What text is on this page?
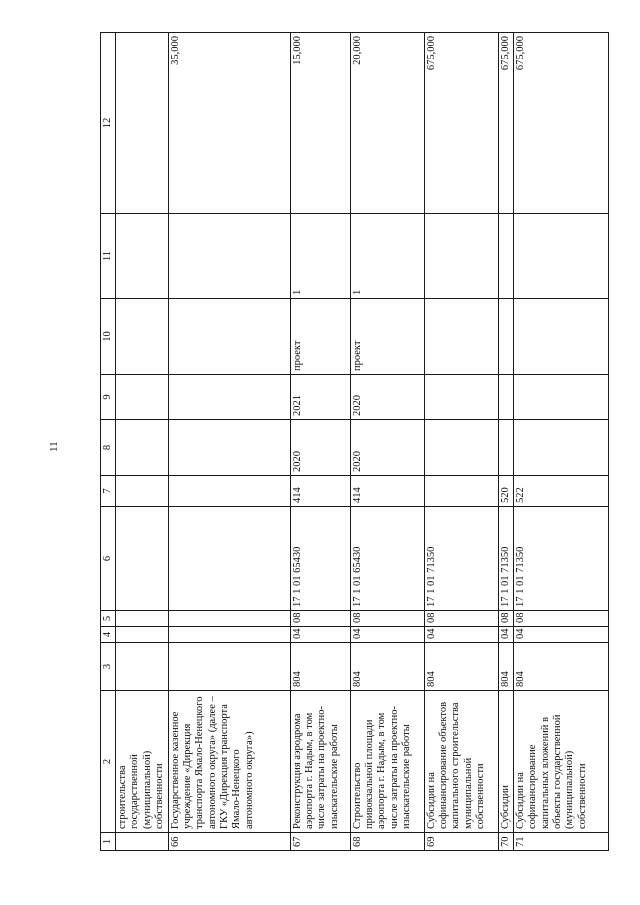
11
1	2	3	4	5	6	7	8	9	10	11	12
	строительства государственной (муниципальной) собственности										
66	Государственное казенное учреждение «Дирекция транспорта Ямало-Ненецкого автономного округа» (далее – ГКУ «Дирекция транспорта Ямало-Ненецкого автономного округа»)										35,000
67	Реконструкция аэродрома аэропорта г. Надым, в том числе затраты на проектно-изыскательские работы	804	04	08	17 1 01 65430	414	2020	2021	проект	1	15,000
68	Строительство привокзальной площади аэропорта г. Надым, в том числе затраты на проектно-изыскательские работы	804	04	08	17 1 01 65430	414	2020	2020	проект	1	20,000
69	Субсидии на софинансирование объектов капитального строительства муниципальной собственности	804	04	08	17 1 01 71350						675,000
70	Субсидии	804	04	08	17 1 01 71350	520					675,000
71	Субсидии на софинансирование капитальных вложений в объекты государственной (муниципальной) собственности	804	04	08	17 1 01 71350	522					675,000
